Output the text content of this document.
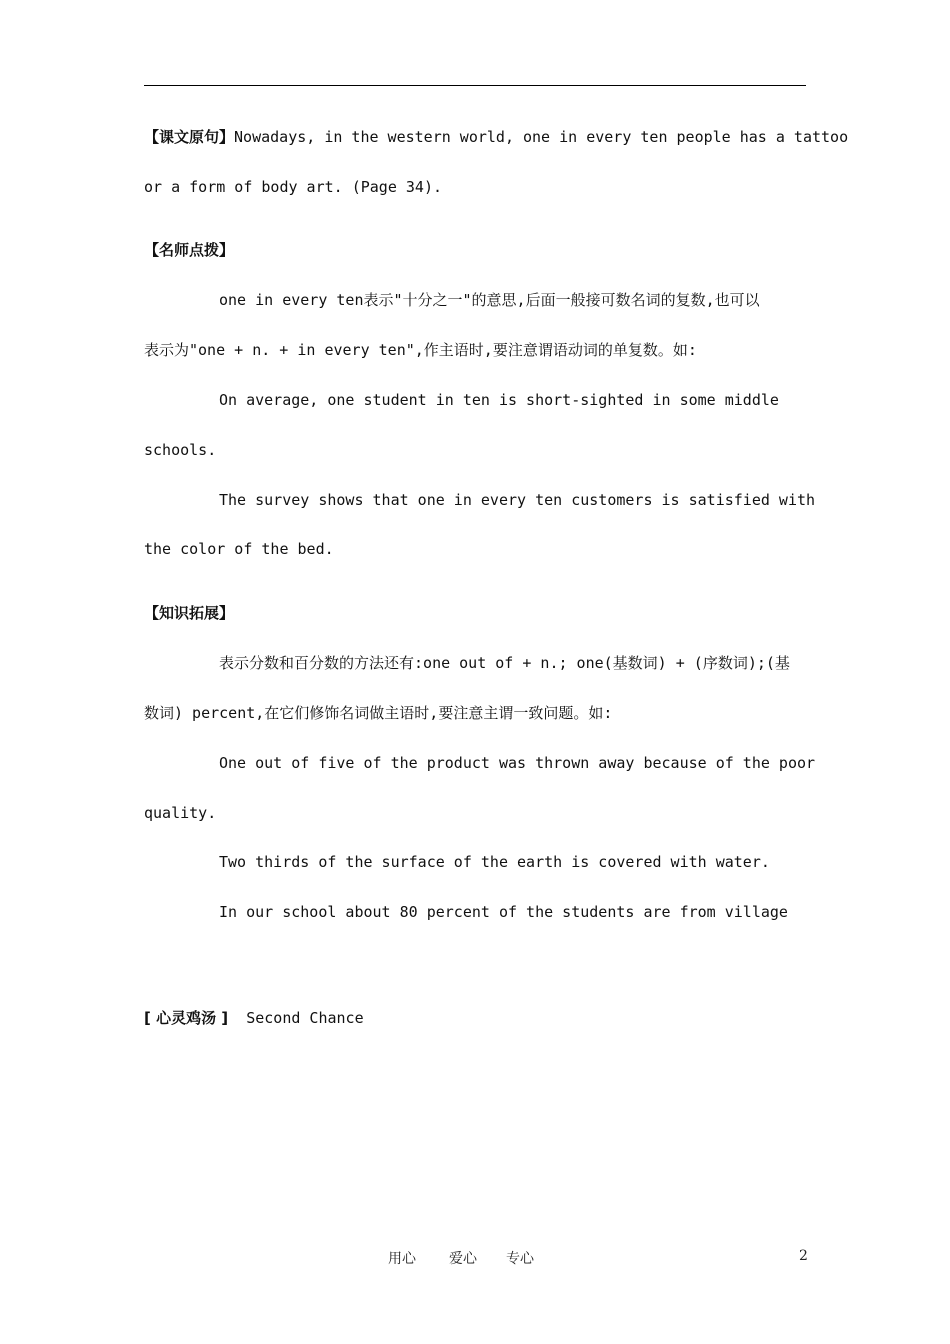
【课文原句】Nowadays, in the western world, one in every ten people has a tattoo
or a form of body art. (Page 34).
【名师点拨】
one in every ten表示"十分之一"的意思,后面一般接可数名词的复数,也可以
表示为"one + n. + in every ten",作主语时,要注意谓语动词的单复数。如:
On average, one student in ten is short-sighted in some middle
schools.
The survey shows that one in every ten customers is satisfied with
the color of the bed.
【知识拓展】
表示分数和百分数的方法还有:one out of + n.; one(基数词) + (序数词);(基
数词) percent,在它们修饰名词做主语时,要注意主谓一致问题。如:
One out of five of the product was thrown away because of the poor
quality.
Two thirds of the surface of the earth is covered with water.
In our school about 80 percent of the students are from village
[ 心灵鸡汤 ] Second Chance
用心 爱心 专心	2
